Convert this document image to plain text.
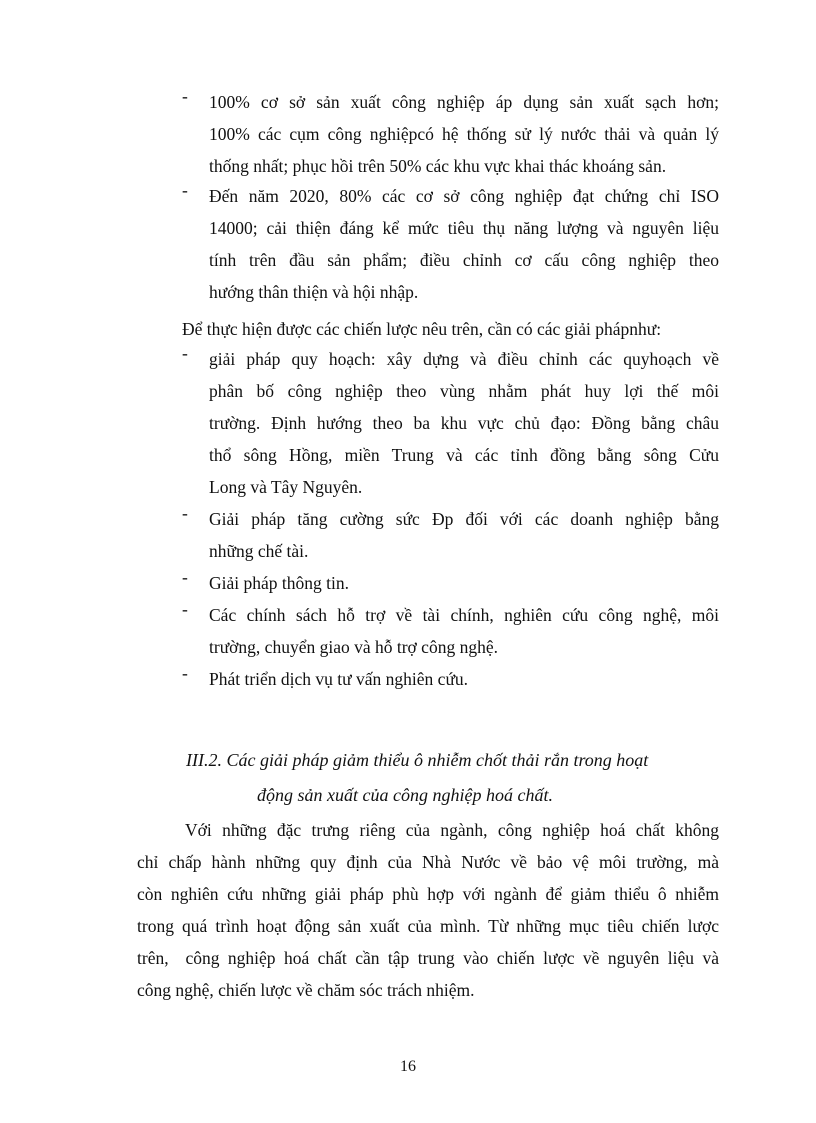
-	100% cơ sở sản xuất công nghiệp áp dụng sản xuất sạch hơn;
100% các cụm công nghiệpcó hệ thống sử lý nước thải và quản lý
thống nhất; phục hồi trên 50% các khu vực khai thác khoáng sản.
-	Đến năm 2020, 80% các cơ sở công nghiệp đạt chứng chỉ ISO
14000; cải thiện đáng kể mức tiêu thụ năng lượng và nguyên liệu
tính trên đầu sản phẩm; điều chỉnh cơ cấu công nghiệp theo
hướng thân thiện và hội nhập.
Để thực hiện được các chiến lược nêu trên, cần có các giải phápnhư:
-	giải pháp quy hoạch: xây dựng và điều chỉnh các quyhoạch về
phân bố công nghiệp theo vùng nhằm phát huy lợi thế môi
trường. Định hướng theo ba khu vực chủ đạo: Đồng bằng châu
thổ sông Hồng, miền Trung và các tỉnh đồng bằng sông Cửu
Long và Tây Nguyên.
-	Giải pháp tăng cường sức Đp đối với các doanh nghiệp bằng
những chế tài.
-	Giải pháp thông tin.
-	Các chính sách hỗ trợ về tài chính, nghiên cứu công nghệ, môi
trường, chuyển giao và hỗ trợ công nghệ.
-	Phát triển dịch vụ tư vấn nghiên cứu.
III.2. Các giải pháp giảm thiểu ô nhiễm chốt thải rắn trong hoạt
động sản xuất của công nghiệp hoá chất.
Với những đặc trưng riêng của ngành, công nghiệp hoá chất không
chỉ chấp hành những quy định của Nhà Nước về bảo vệ môi trường, mà
còn nghiên cứu những giải pháp phù hợp với ngành để giảm thiểu ô nhiễm
trong quá trình hoạt động sản xuất của mình. Từ những mục tiêu chiến lược
trên,  công nghiệp hoá chất cần tập trung vào chiến lược về nguyên liệu và
công nghệ, chiến lược về chăm sóc trách nhiệm.
16
